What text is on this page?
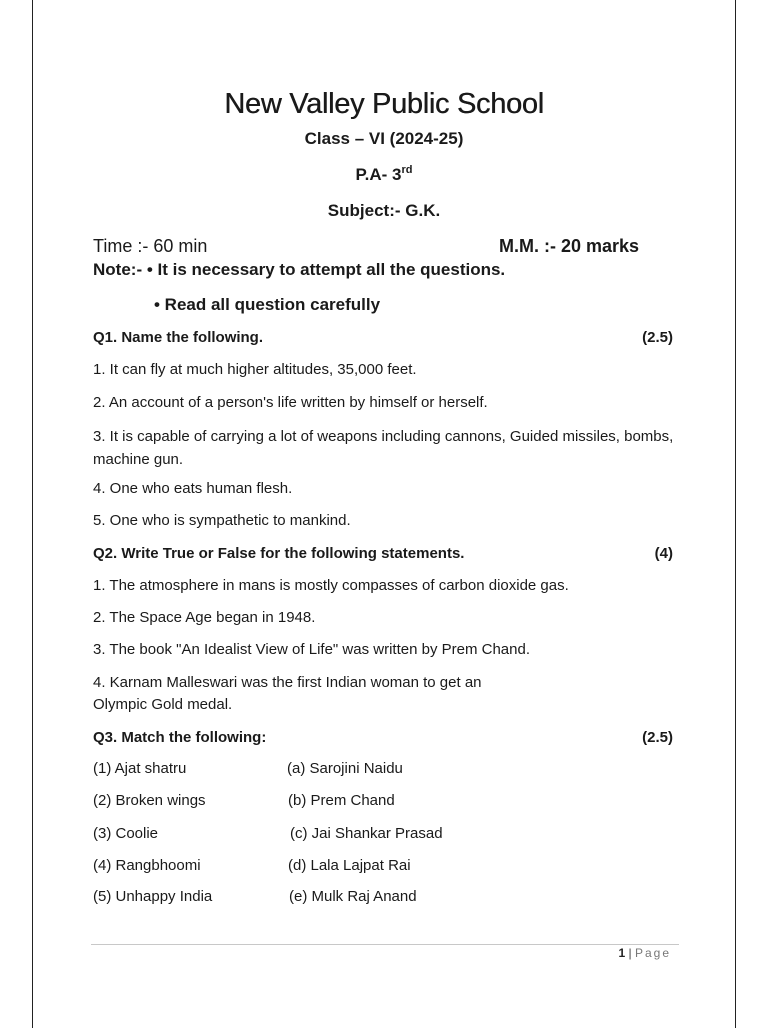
New Valley Public School
Class – VI (2024-25)
P.A- 3rd
Subject:- G.K.
Time :- 60 min	M.M. :- 20 marks
Note:- • It is necessary to attempt all the questions.
• Read all question carefully
Q1. Name the following.	(2.5)
1. It can fly at much higher altitudes, 35,000 feet.
2. An account of a person's life written by himself or herself.
3. It is capable of carrying a lot of weapons including cannons, Guided missiles, bombs, machine gun.
4. One who eats human flesh.
5. One who is sympathetic to mankind.
Q2. Write True or False for the following statements.	(4)
1. The atmosphere in mans is mostly compasses of carbon dioxide gas.
2. The Space Age began in 1948.
3. The book "An Idealist View of Life" was written by Prem Chand.
4. Karnam Malleswari was the first Indian woman to get an
Olympic Gold medal.
Q3. Match the following:	(2.5)
(1) Ajat shatru	(a) Sarojini Naidu
(2) Broken wings	(b) Prem Chand
(3) Coolie	(c) Jai Shankar Prasad
(4) Rangbhoomi	(d) Lala Lajpat Rai
(5) Unhappy India	(e) Mulk Raj Anand
1 | Page
